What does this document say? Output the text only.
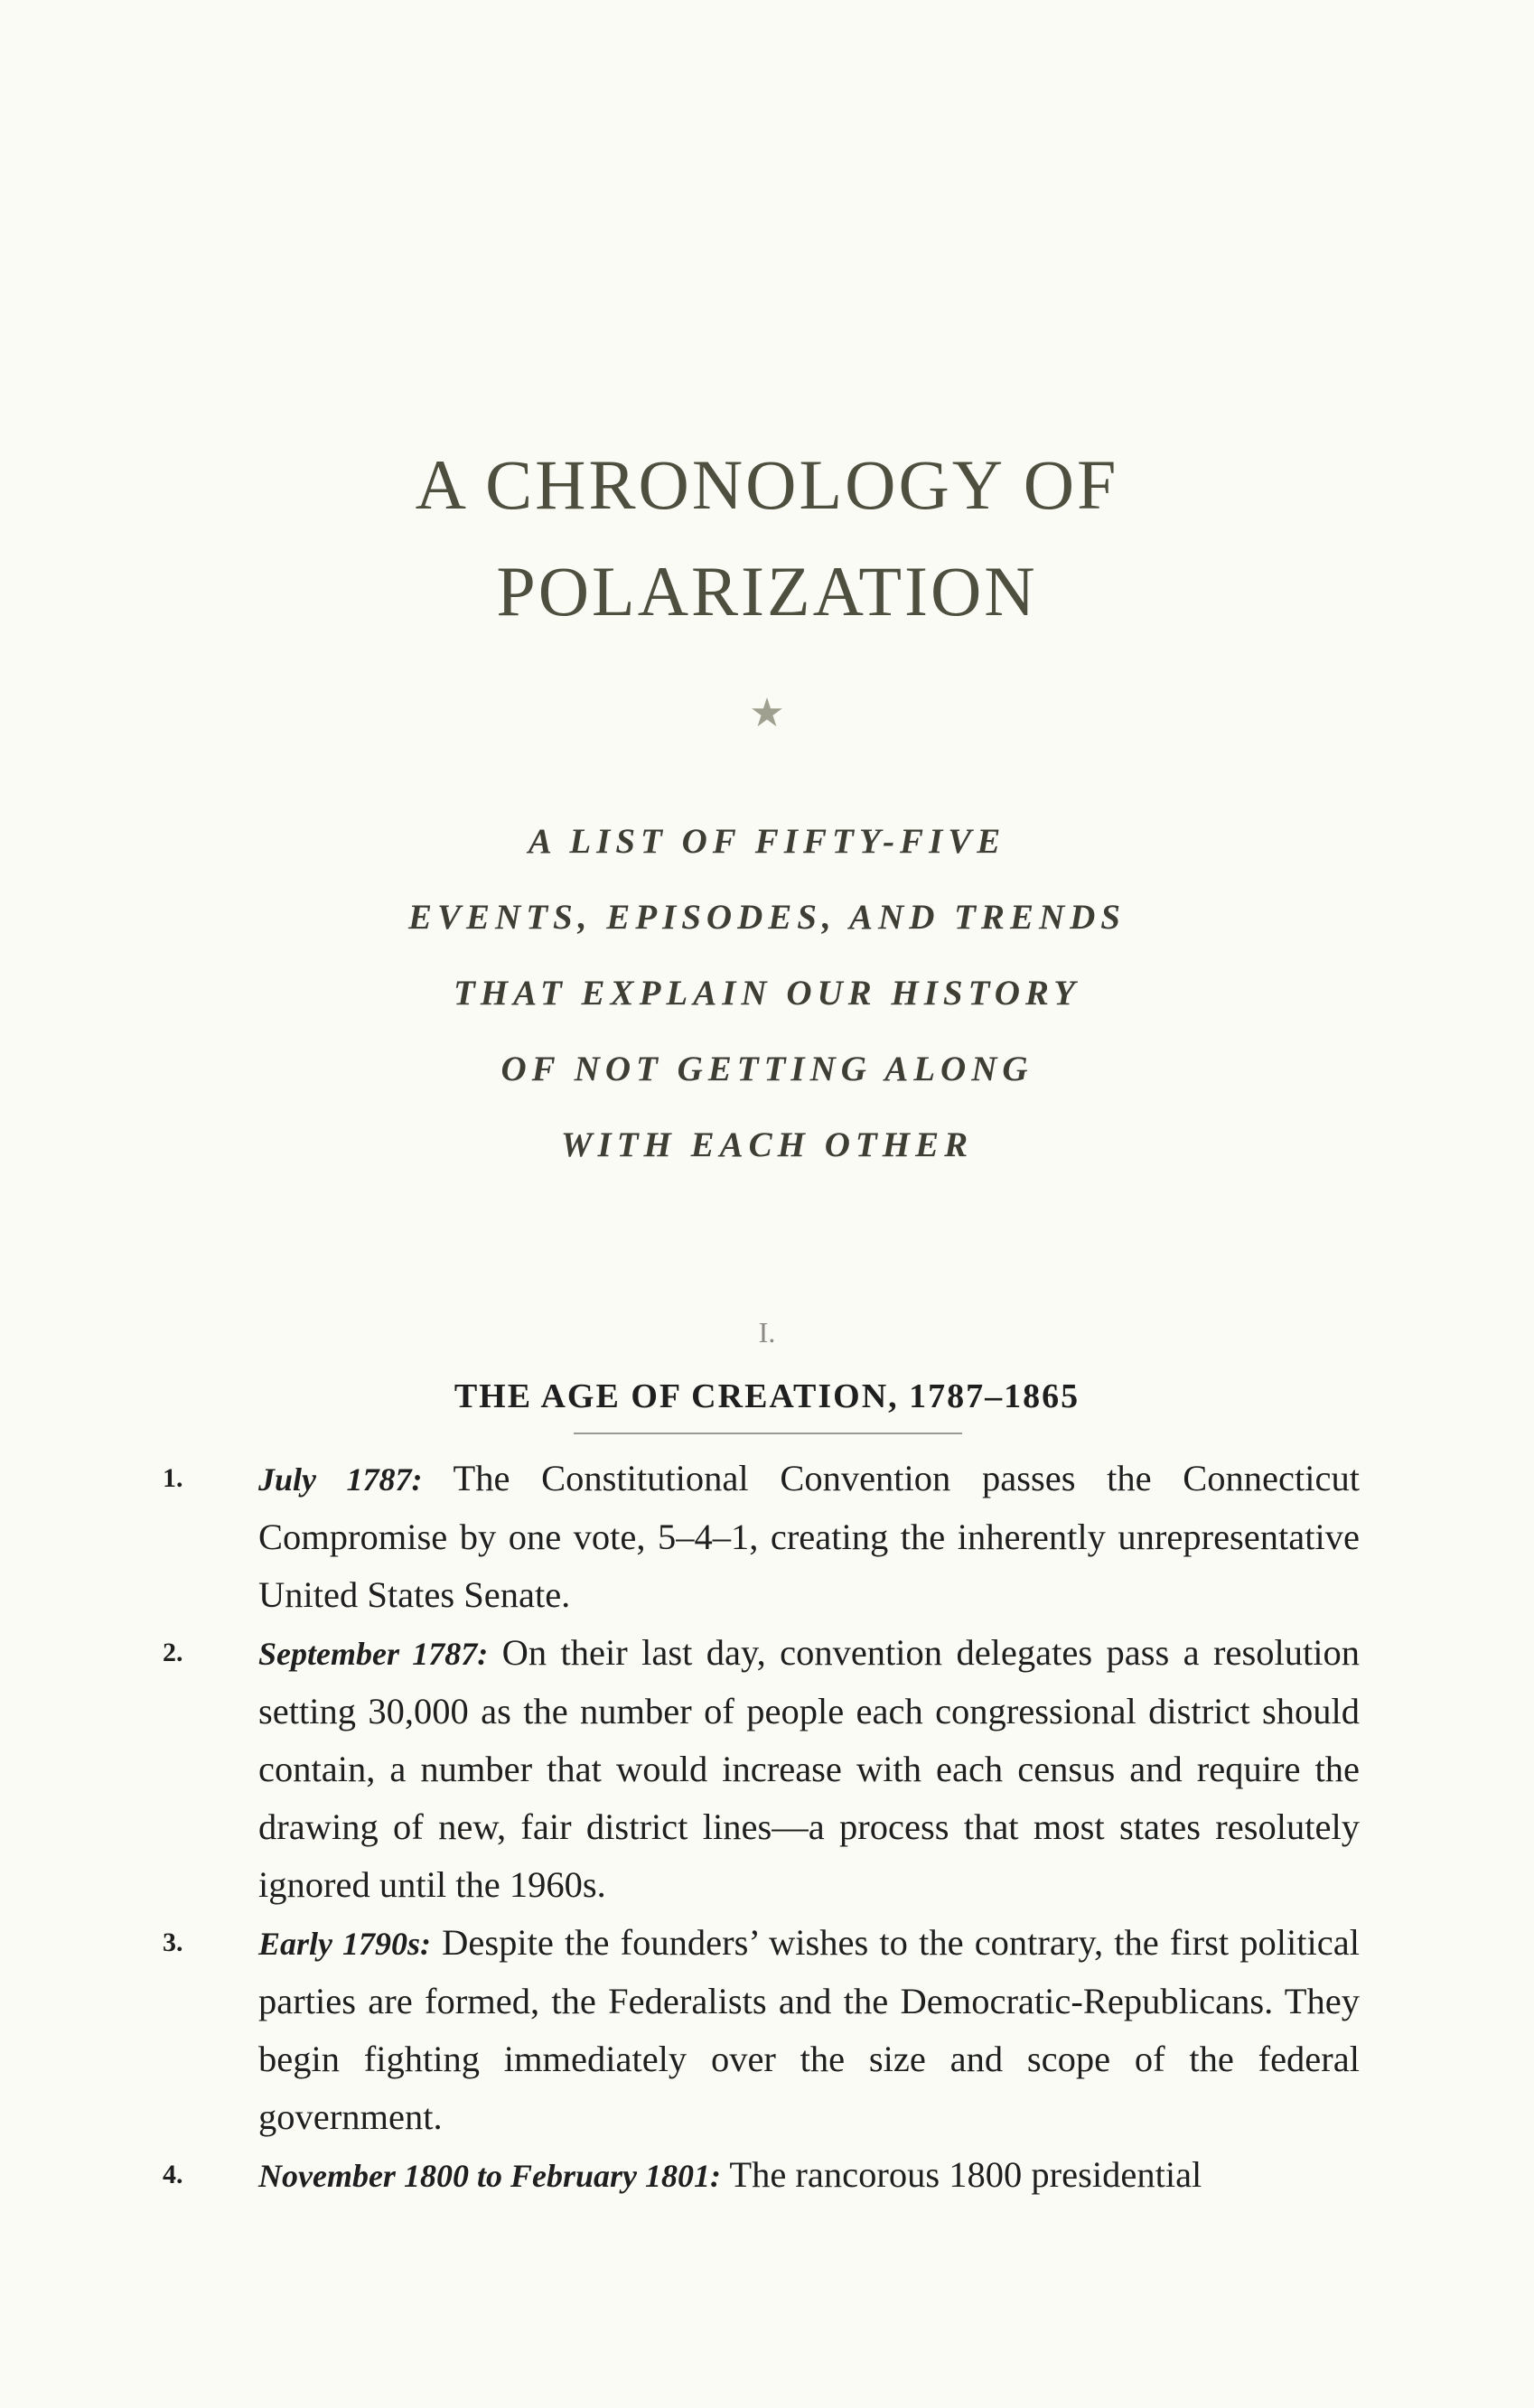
A CHRONOLOGY OF
POLARIZATION
★
A LIST OF FIFTY-FIVE
EVENTS, EPISODES, AND TRENDS
THAT EXPLAIN OUR HISTORY
OF NOT GETTING ALONG
WITH EACH OTHER
I.
THE AGE OF CREATION, 1787–1865
1. July 1787: The Constitutional Convention passes the Connecticut Compromise by one vote, 5–4–1, creating the inherently unrepresentative United States Senate.
2. September 1787: On their last day, convention delegates pass a resolution setting 30,000 as the number of people each congressional district should contain, a number that would increase with each census and require the drawing of new, fair district lines—a process that most states resolutely ignored until the 1960s.
3. Early 1790s: Despite the founders’ wishes to the contrary, the first political parties are formed, the Federalists and the Democratic-Republicans. They begin fighting immediately over the size and scope of the federal government.
4. November 1800 to February 1801: The rancorous 1800 presidential
